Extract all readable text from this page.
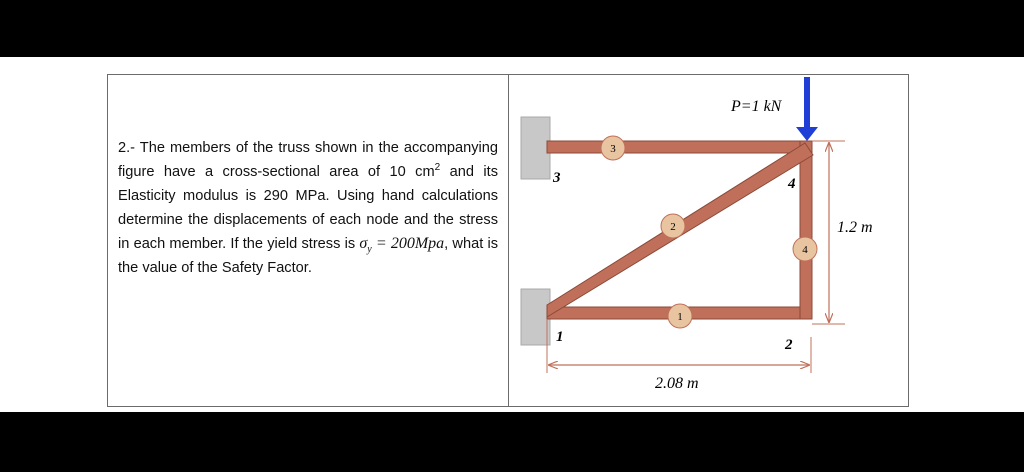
2.- The members of the truss shown in the accompanying figure have a cross-sectional area of 10 $cm^2$ and its Elasticity modulus is 290 MPa. Using hand calculations determine the displacements of each node and the stress in each member. If the yield stress is $\sigma_y = 200Mpa$, what is the value of the Safety Factor.
3
2
1
4
3	4
1	2
P=1 kN
1.2 m
2.08 m
